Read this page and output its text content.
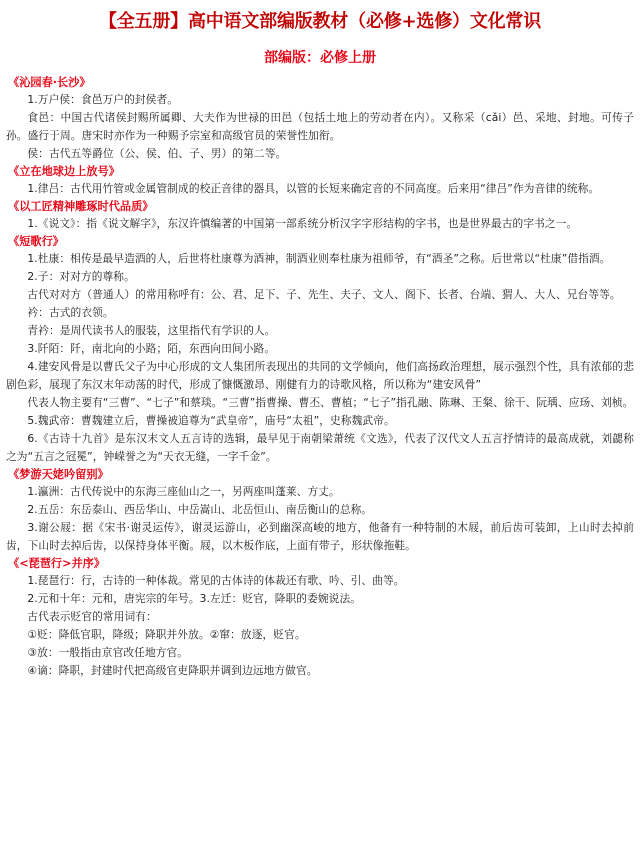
【全五册】高中语文部编版教材（必修+选修）文化常识
部编版：必修上册
《沁园春·长沙》

1.万户侯：食邑万户的封侯者。

食邑：中国古代诸侯封赐所属卿、大夫作为世禄的田邑（包括土地上的劳动者在内）。又称采（cǎi）邑、采地、封地。可传子孙。盛行于周。唐宋时亦作为一种赐予宗室和高级官员的荣誉性加衔。

侯：古代五等爵位（公、侯、伯、子、男）的第二等。

《立在地球边上放号》

1.律吕：古代用竹管或金属管制成的校正音律的器具，以管的长短来确定音的不同高度。后来用“律吕”作为音律的统称。

《以工匠精神雕琢时代品质》

1.《说文》：指《说文解字》，东汉许慎编著的中国第一部系统分析汉字字形结构的字书，也是世界最古的字书之一。

《短歌行》

1.杜康：相传是最早造酒的人，后世将杜康尊为酒神，制酒业则奉杜康为祖师爷，有“酒圣”之称。后世常以“杜康”借指酒。

2.子：对对方的尊称。

古代对对方（普通人）的常用称呼有：公、君、足下、子、先生、夫子、文人、阁下、长者、台端、猬人、大人、兄台等等。

衿：古式的衣领。

青衿：是周代读书人的服装，这里指代有学识的人。

3.阡陌：阡，南北向的小路；陌，东西向田间小路。

4.建安风骨是以曹氏父子为中心形成的文人集团所表现出的共同的文学倾向，他们高扬政治理想，展示强烈个性，具有浓郁的悲剧色彩，展现了东汉末年动荡的时代，形成了慷慨激昂、刚健有力的诗歌风格，所以称为“建安风骨”

代表人物主要有“三曹”、“七子”和蔡琰。“三曹”指曹操、曹丕、曹植；“七子”指孔融、陈琳、王粲、徐干、阮瑀、应玚、刘桢。

5.魏武帝：曹魏建立后，曹操被追尊为“武皇帝”，庙号“太祖”，史称魏武帝。

6.《古诗十九首》是东汉末文人五言诗的选辑，最早见于南朝梁萧统《文选》，代表了汉代文人五言抒情诗的最高成就，刘勰称之为“五言之冠冕”，钟嵘誉之为“天衣无缝，一字千金”。

《梦游天姥吟留别》

1.瀛洲：古代传说中的东海三座仙山之一，另两座叫蓬莱、方丈。

2.五岳：东岳泰山、西岳华山、中岳嵩山、北岳恒山、南岳衡山的总称。

3.谢公屐：据《宋书·谢灵运传》，谢灵运游山，必到幽深高峻的地方，他备有一种特制的木屐，前后齿可装卸，上山时去掉前齿，下山时去掉后齿，以保持身体平衡。屐，以木板作底，上面有带子，形状像拖鞋。

《<琵琶行>并序》

1.琵琶行：行，古诗的一种体裁。常见的古体诗的体裁还有歌、吟、引、曲等。

2.元和十年：元和，唐宪宗的年号。3.左迁：贬官，降职的委婉说法。

古代表示贬官的常用词有：

①贬：降低官职，降级；降职并外放。②窜：放逐，贬官。

③放：一般指由京官改任地方官。

④谪：降职，封建时代把高级官吏降职并调到边远地方做官。
